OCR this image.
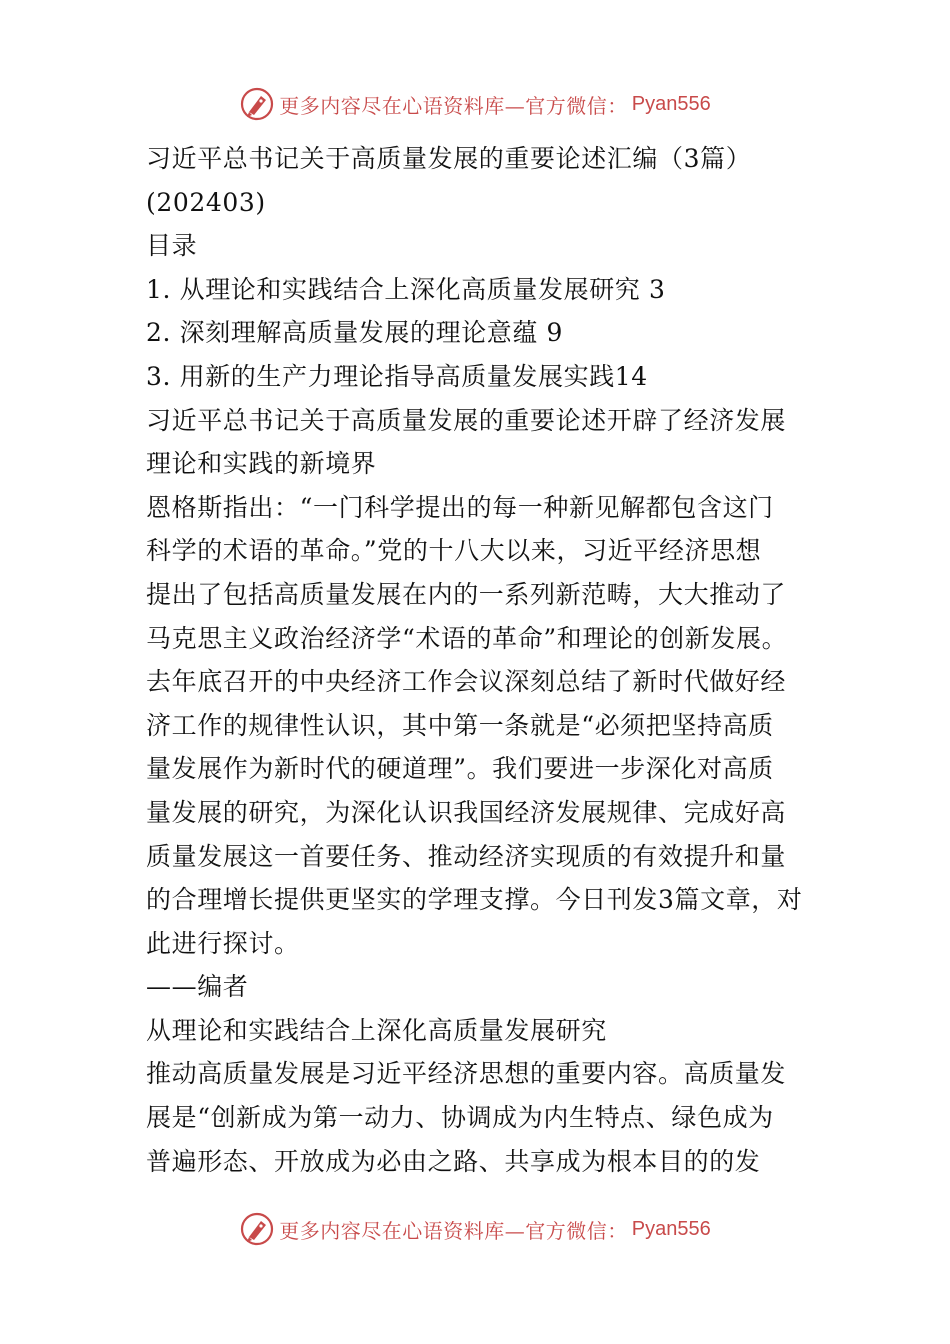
更多内容尽在心语资料库—官方微信： Pyan556
习近平总书记关于高质量发展的重要论述汇编（3篇）
(202403)
目录
1. 从理论和实践结合上深化高质量发展研究 3
2. 深刻理解高质量发展的理论意蕴 9
3. 用新的生产力理论指导高质量发展实践14
习近平总书记关于高质量发展的重要论述开辟了经济发展
理论和实践的新境界
恩格斯指出：“一门科学提出的每一种新见解都包含这门
科学的术语的革命。”党的十八大以来，习近平经济思想
提出了包括高质量发展在内的一系列新范畴，大大推动了
马克思主义政治经济学“术语的革命”和理论的创新发展。
去年底召开的中央经济工作会议深刻总结了新时代做好经
济工作的规律性认识，其中第一条就是“必须把坚持高质
量发展作为新时代的硬道理”。我们要进一步深化对高质
量发展的研究，为深化认识我国经济发展规律、完成好高
质量发展这一首要任务、推动经济实现质的有效提升和量
的合理增长提供更坚实的学理支撑。今日刊发3篇文章，对
此进行探讨。
——编者
从理论和实践结合上深化高质量发展研究
推动高质量发展是习近平经济思想的重要内容。高质量发
展是“创新成为第一动力、协调成为内生特点、绿色成为
普遍形态、开放成为必由之路、共享成为根本目的的发
更多内容尽在心语资料库—官方微信： Pyan556
